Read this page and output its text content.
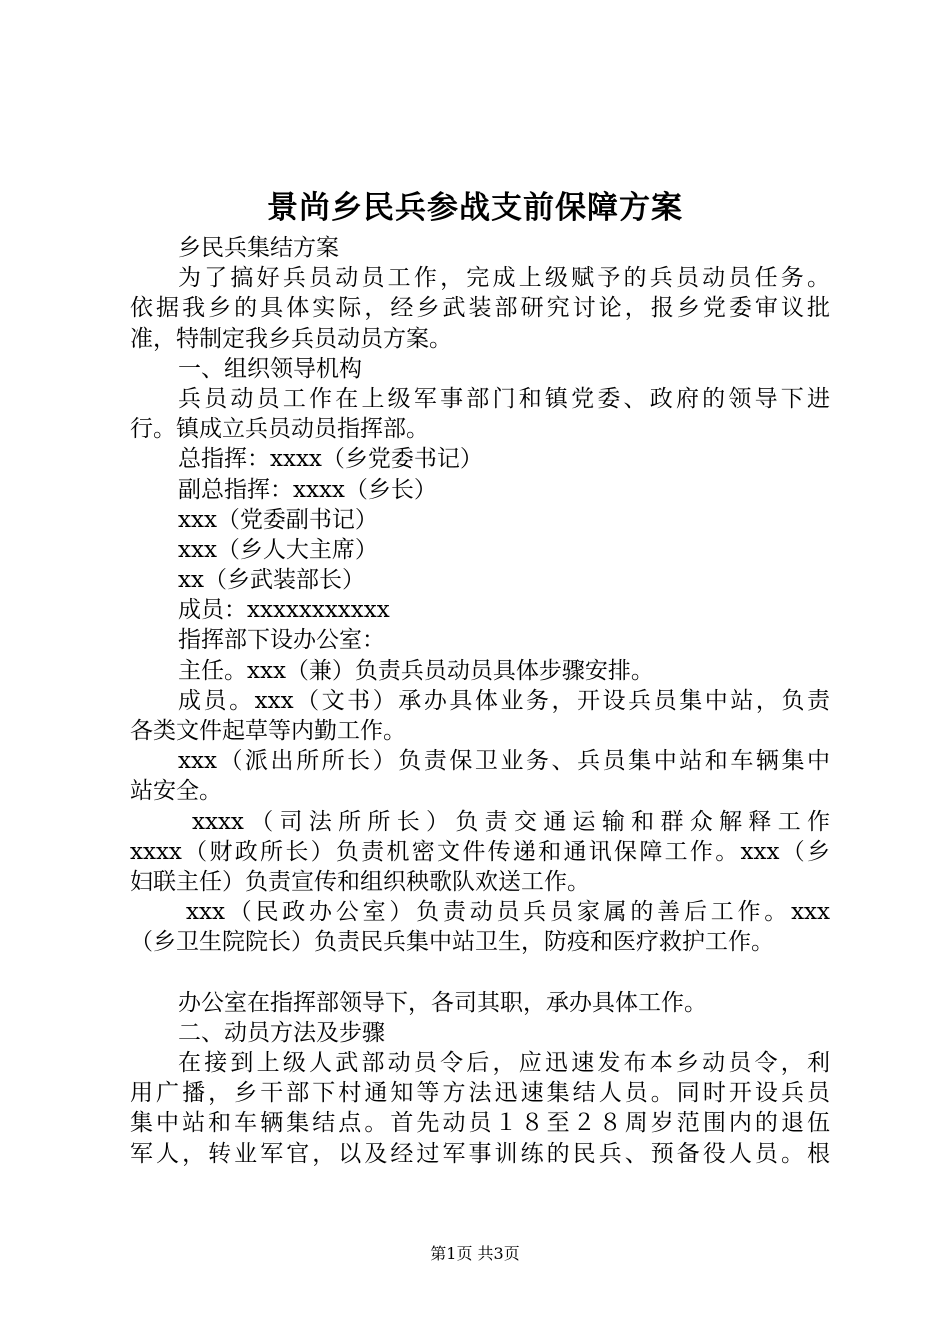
景尚乡民兵参战支前保障方案
乡民兵集结方案
为了搞好兵员动员工作，完成上级赋予的兵员动员任务。
依据我乡的具体实际，经乡武装部研究讨论，报乡党委审议批
准，特制定我乡兵员动员方案。
一、组织领导机构
兵员动员工作在上级军事部门和镇党委、政府的领导下进
行。镇成立兵员动员指挥部。
总指挥：xxxx（乡党委书记）
副总指挥：xxxx（乡长）
xxx（党委副书记）
xxx（乡人大主席）
xx（乡武装部长）
成员：xxxxxxxxxxx
指挥部下设办公室：
主任。xxx（兼）负责兵员动员具体步骤安排。
成员。xxx（文书）承办具体业务，开设兵员集中站，负责
各类文件起草等内勤工作。
xxx（派出所所长）负责保卫业务、兵员集中站和车辆集中
站安全。
xxxx（司法所所长）负责交通运输和群众解释工作
xxxx（财政所长）负责机密文件传递和通讯保障工作。xxx（乡
妇联主任）负责宣传和组织秧歌队欢送工作。
xxx（民政办公室）负责动员兵员家属的善后工作。xxx
（乡卫生院院长）负责民兵集中站卫生，防疫和医疗救护工作。
办公室在指挥部领导下，各司其职，承办具体工作。
二、动员方法及步骤
在接到上级人武部动员令后，应迅速发布本乡动员令，利
用广播，乡干部下村通知等方法迅速集结人员。同时开设兵员
集中站和车辆集结点。首先动员１８至２８周岁范围内的退伍
军人，转业军官，以及经过军事训练的民兵、预备役人员。根
第1页 共3页
